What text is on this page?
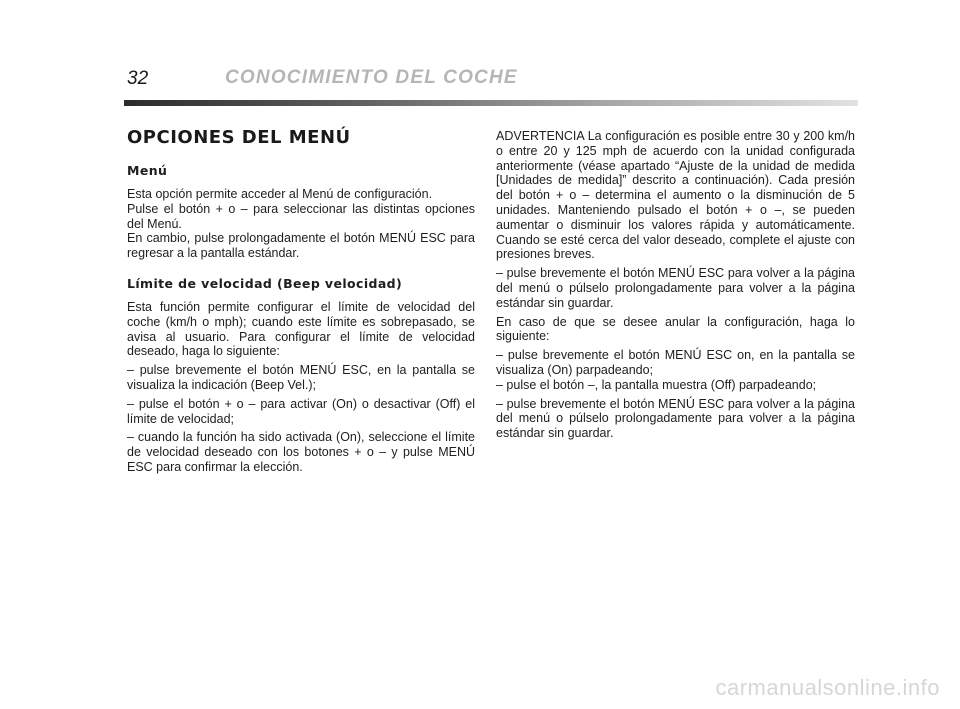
32	CONOCIMIENTO DEL COCHE
OPCIONES DEL MENÚ
Menú

Esta opción permite acceder al Menú de configuración.

Pulse el botón + o – para seleccionar las distintas opciones del Menú.

En cambio, pulse prolongadamente el botón MENÚ ESC para regresar a la pantalla estándar.

Límite de velocidad (Beep velocidad)

Esta función permite configurar el límite de velocidad del coche (km/h o mph); cuando este límite es sobrepasado, se avisa al usuario. Para configurar el límite de velocidad deseado, haga lo siguiente:

– pulse brevemente el botón MENÚ ESC, en la pantalla se visualiza la indicación (Beep Vel.);

– pulse el botón + o – para activar (On) o desactivar (Off) el límite de velocidad;

– cuando la función ha sido activada (On), seleccione el límite de velocidad deseado con los botones + o – y pulse MENÚ ESC para confirmar la elección.

ADVERTENCIA La configuración es posible entre 30 y 200 km/h o entre 20 y 125 mph de acuerdo con la unidad configurada anteriormente (véase apartado “Ajuste de la unidad de medida [Unidades de medida]” descrito a continuación). Cada presión del botón + o – determina el aumento o la disminución de 5 unidades. Manteniendo pulsado el botón + o –, se pueden aumentar o disminuir los valores rápida y automáticamente. Cuando se esté cerca del valor deseado, complete el ajuste con presiones breves.

– pulse brevemente el botón MENÚ ESC para volver a la página del menú o púlselo prolongadamente para volver a la página estándar sin guardar.

En caso de que se desee anular la configuración, haga lo siguiente:

– pulse brevemente el botón MENÚ ESC on, en la pantalla se visualiza (On) parpadeando;

– pulse el botón –, la pantalla muestra (Off) parpadeando;

– pulse brevemente el botón MENÚ ESC para volver a la página del menú o púlselo prolongadamente para volver a la página estándar sin guardar.

carmanualsonline.info
